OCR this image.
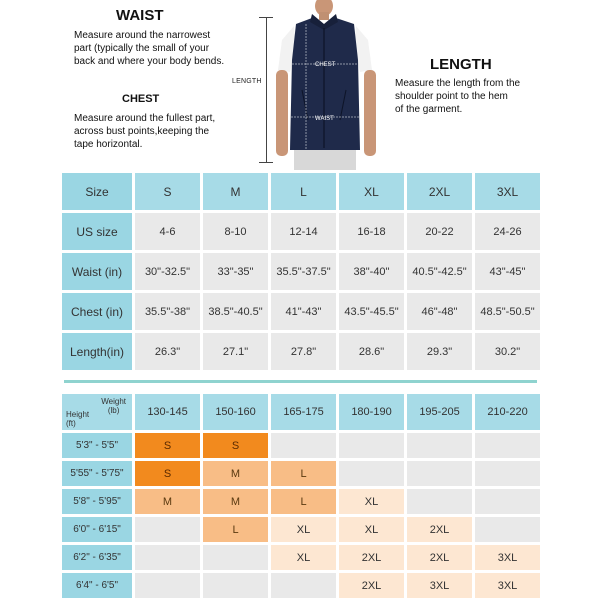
WAIST
Measure around the narrowest
part (typically the small of your
back and where your body bends.
CHEST
Measure around the fullest part,
across bust points,keeping the
tape horizontal.
LENGTH
Measure the length from the
shoulder point to the hem
of the garment.
LENGTH
CHEST
WAIST
Size	S	M	L	XL	2XL	3XL
US size	4-6	8-10	12-14	16-18	20-22	24-26
Waist (in)	30"-32.5"	33"-35"	35.5"-37.5"	38"-40"	40.5"-42.5"	43"-45"
Chest (in)	35.5"-38"	38.5"-40.5"	41"-43"	43.5"-45.5"	46"-48"	48.5"-50.5"
Length(in)	26.3"	27.1"	27.8"	28.6"	29.3"	30.2"
Weight
(lb)
Height
(ft)	130-145	150-160	165-175	180-190	195-205	210-220
5'3" - 5'5"	S	S				
5'55" - 5'75"	S	M	L			
5'8" - 5'95"	M	M	L	XL		
6'0" - 6'15"		L	XL	XL	2XL	
6'2" - 6'35"			XL	2XL	2XL	3XL
6'4" - 6'5"				2XL	3XL	3XL
